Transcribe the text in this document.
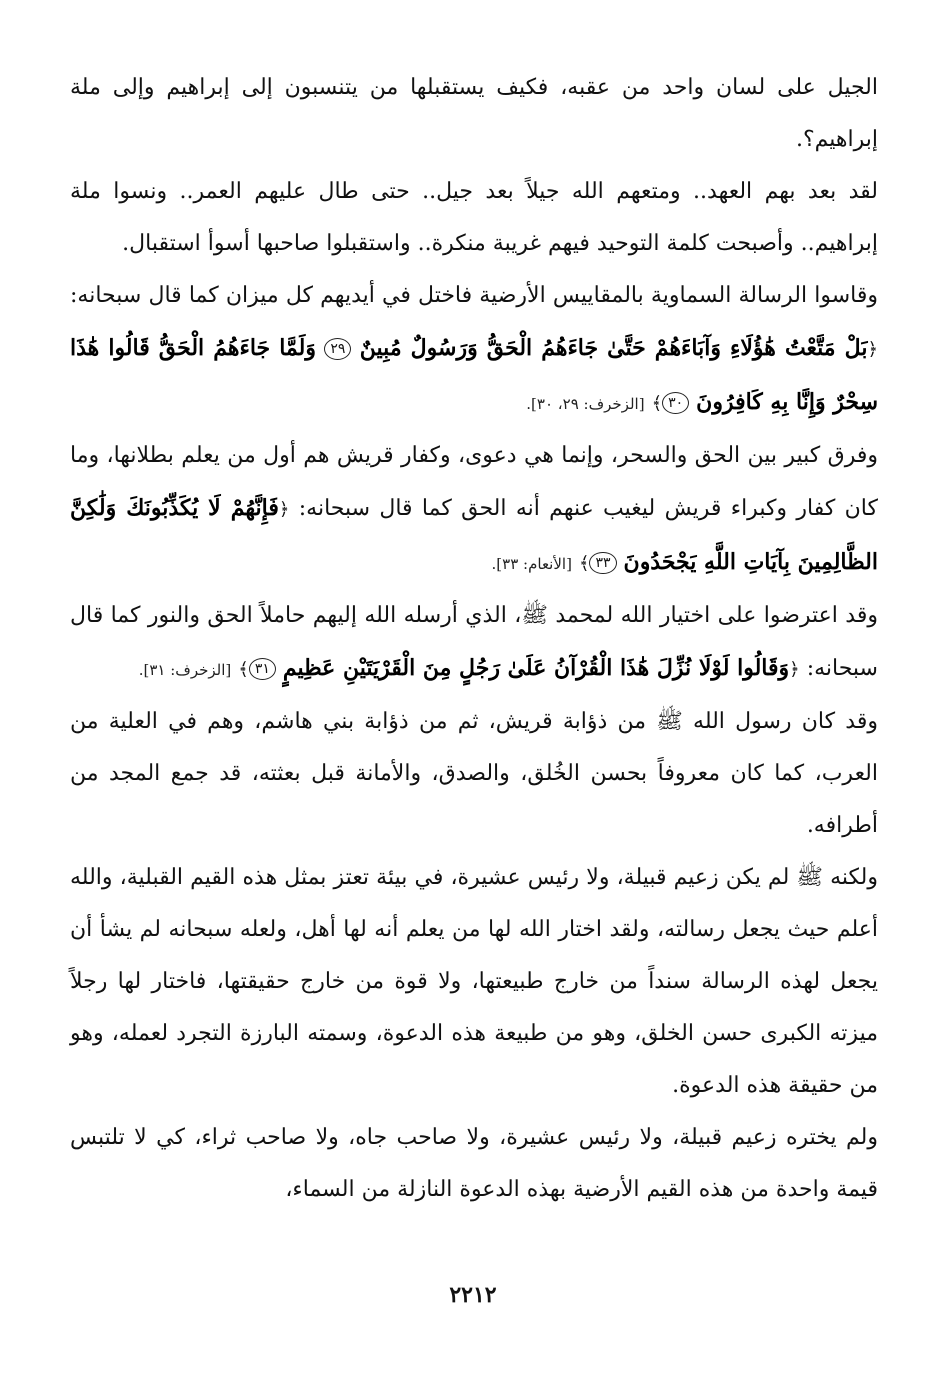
الجيل على لسان واحد من عقبه، فكيف يستقبلها من يتنسبون إلى إبراهيم وإلى ملة إبراهيم؟.

لقد بعد بهم العهد.. ومتعهم الله جيلاً بعد جيل.. حتى طال عليهم العمر.. ونسوا ملة إبراهيم.. وأصبحت كلمة التوحيد فيهم غريبة منكرة.. واستقبلوا صاحبها أسوأ استقبال.

وقاسوا الرسالة السماوية بالمقاييس الأرضية فاختل في أيديهم كل ميزان كما قال سبحانه: ﴿بَلْ مَتَّعْتُ هَٰؤُلَاءِ وَآبَاءَهُمْ حَتَّىٰ جَاءَهُمُ الْحَقُّ وَرَسُولٌ مُبِينٌ ٢٩ وَلَمَّا جَاءَهُمُ الْحَقُّ قَالُوا هَٰذَا سِحْرٌ وَإِنَّا بِهِ كَافِرُونَ ٣٠﴾ [الزخرف: ٢٩، ٣٠].

وفرق كبير بين الحق والسحر، وإنما هي دعوى، وكفار قريش هم أول من يعلم بطلانها، وما كان كفار وكبراء قريش ليغيب عنهم أنه الحق كما قال سبحانه: ﴿فَإِنَّهُمْ لَا يُكَذِّبُونَكَ وَلَٰكِنَّ الظَّالِمِينَ بِآيَاتِ اللَّهِ يَجْحَدُونَ ٣٣﴾ [الأنعام: ٣٣].

وقد اعترضوا على اختيار الله لمحمد ﷺ، الذي أرسله الله إليهم حاملاً الحق والنور كما قال سبحانه: ﴿وَقَالُوا لَوْلَا نُزِّلَ هَٰذَا الْقُرْآنُ عَلَىٰ رَجُلٍ مِنَ الْقَرْيَتَيْنِ عَظِيمٍ ٣١﴾ [الزخرف: ٣١].

وقد كان رسول الله ﷺ من ذؤابة قريش، ثم من ذؤابة بني هاشم، وهم في العلية من العرب، كما كان معروفاً بحسن الخُلق، والصدق، والأمانة قبل بعثته، قد جمع المجد من أطرافه.

ولكنه ﷺ لم يكن زعيم قبيلة، ولا رئيس عشيرة، في بيئة تعتز بمثل هذه القيم القبلية، والله أعلم حيث يجعل رسالته، ولقد اختار الله لها من يعلم أنه لها أهل، ولعله سبحانه لم يشأ أن يجعل لهذه الرسالة سنداً من خارج طبيعتها، ولا قوة من خارج حقيقتها، فاختار لها رجلاً ميزته الكبرى حسن الخلق، وهو من طبيعة هذه الدعوة، وسمته البارزة التجرد لعمله، وهو من حقيقة هذه الدعوة.

ولم يختره زعيم قبيلة، ولا رئيس عشيرة، ولا صاحب جاه، ولا صاحب ثراء، كي لا تلتبس قيمة واحدة من هذه القيم الأرضية بهذه الدعوة النازلة من السماء،

٢٢١٢
